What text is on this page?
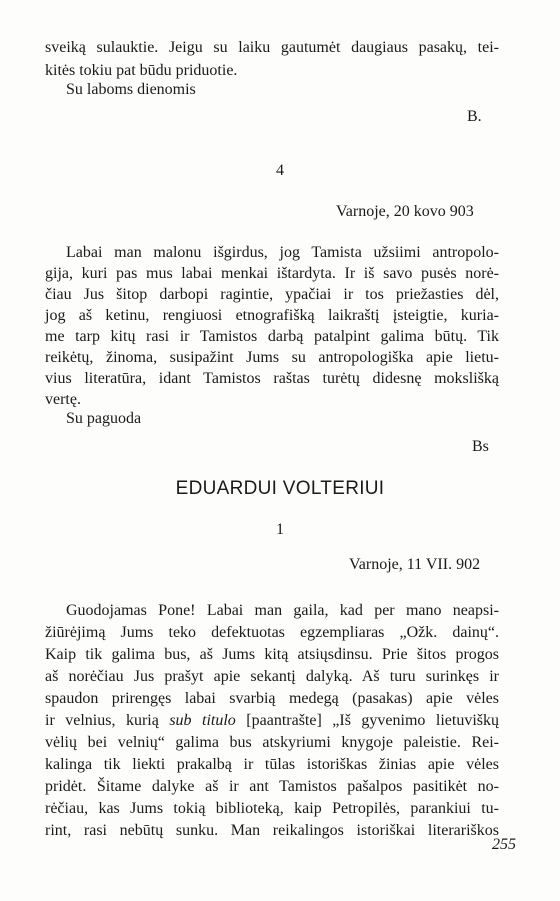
sveiką sulauktie. Jeigu su laiku gautumėt daugiaus pasakų, tei-
kitės tokiu pat būdu priduotie.
Su laboms dienomis
B.
4
Varnoje, 20 kovo 903
Labai man malonu išgirdus, jog Tamista užsiimi antropolo-
gija, kuri pas mus labai menkai ištardyta. Ir iš savo pusės norė-
čiau Jus šitop darbopi ragintie, ypačiai ir tos priežasties dėl,
jog aš ketinu, rengiuosi etnografišką laikraštį įsteigtie, kuria-
me tarp kitų rasi ir Tamistos darbą patalpint galima būtų. Tik
reikėtų, žinoma, susipažint Jums su antropologiška apie lietu-
vius literatūra, idant Tamistos raštas turėtų didesnę mokslišką
vertę.
Su paguoda
Bs
EDUARDUI VOLTERIUI
1
Varnoje, 11 VII. 902
Guodojamas Pone! Labai man gaila, kad per mano neapsi-
žiūrėjimą Jums teko defektuotas egzempliaras „Ožk. dainų“.
Kaip tik galima bus, aš Jums kitą atsiųsdinsu. Prie šitos progos
aš norėčiau Jus prašyt apie sekantį dalyką. Aš turu surinkęs ir
spaudon prirengęs labai svarbią medegą (pasakas) apie vėles
ir velnius, kurią sub titulo [paantrašte] „Iš gyvenimo lietuviškų
vėlių bei velnių“ galima bus atskyriumi knygoje paleistie. Rei-
kalinga tik liekti prakalbą ir tūlas istoriškas žinias apie vėles
pridėt. Šitame dalyke aš ir ant Tamistos pašalpos pasitikėt no-
rėčiau, kas Jums tokią biblioteką, kaip Petropilės, parankiui tu-
rint, rasi nebūtų sunku. Man reikalingos istoriškai literariškos
255
